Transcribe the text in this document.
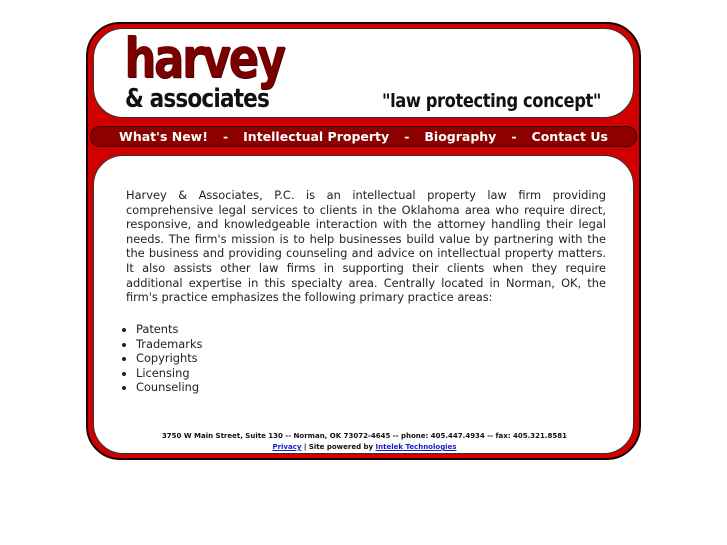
harvey
& associates	"law protecting concept"
What's New!	-	Intellectual Property	-	Biography	-	Contact Us

Harvey & Associates, P.C. is an intellectual property law firm providing comprehensive legal services to clients in the Oklahoma area who require direct, responsive, and knowledgeable interaction with the attorney handling their legal needs. The firm's mission is to help businesses build value by partnering with the the business and providing counseling and advice on intellectual property matters. It also assists other law firms in supporting their clients when they require additional expertise in this specialty area. Centrally located in Norman, OK, the firm's practice emphasizes the following primary practice areas:

• Patents
• Trademarks
• Copyrights
• Licensing
• Counseling
3750 W Main Street, Suite 130 -- Norman, OK 73072-4645 -- phone: 405.447.4934 -- fax: 405.321.8581
Privacy | Site powered by Intelek Technologies
